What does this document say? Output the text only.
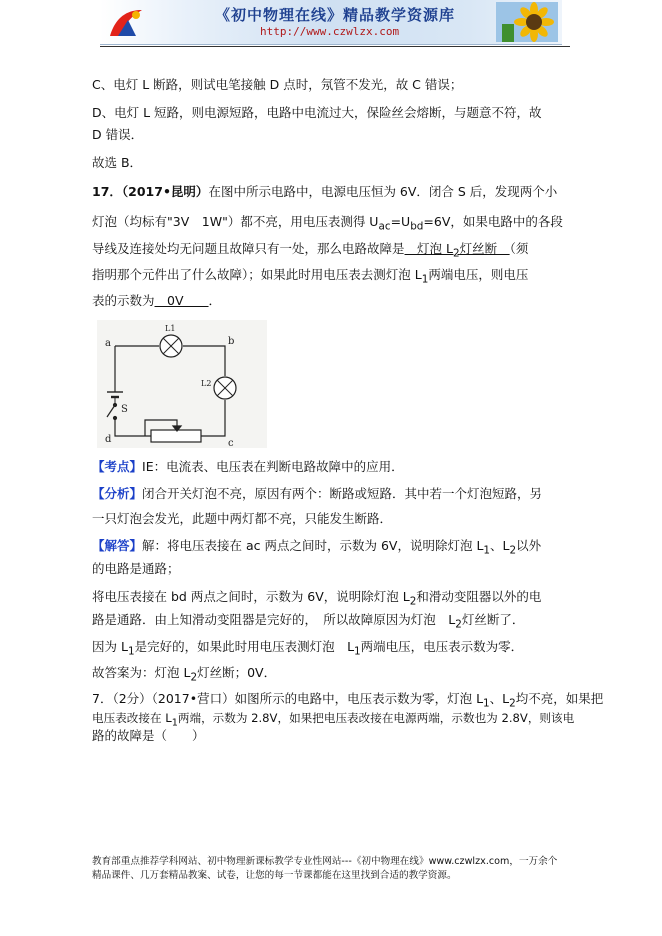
《初中物理在线》精品教学资源库
http://www.czwlzx.com
C、电灯 L 断路，则试电笔接触 D 点时，氖管不发光，故 C 错误；
D、电灯 L 短路，则电源短路，电路中电流过大，保险丝会熔断，与题意不符，故
D 错误．
故选 B．
17．（2017•昆明）在图中所示电路中，电源电压恒为 6V．闭合 S 后，发现两个小
灯泡（均标有"3V　1W"）都不亮，用电压表测得 $U_{ac}=U_{bd}=6V$，如果电路中的各段
导线及连接处均无问题且故障只有一处，那么电路故障是　灯泡 $L_2$灯丝断　（须
指明那个元件出了什么故障）；如果此时用电压表去测灯泡 $L_1$两端电压，则电压
表的示数为　0V　　．
a	b
c
d
S
L1
L2
【考点】IE：电流表、电压表在判断电路故障中的应用．
【分析】闭合开关灯泡不亮，原因有两个：断路或短路．其中若一个灯泡短路，另
一只灯泡会发光，此题中两灯都不亮，只能发生断路．
【解答】解：将电压表接在 ac 两点之间时，示数为 6V，说明除灯泡 $L_1$、$L_2$以外
的电路是通路；
将电压表接在 bd 两点之间时，示数为 6V，说明除灯泡 $L_2$和滑动变阻器以外的电
路是通路．由上知滑动变阻器是完好的，　所以故障原因为灯泡　$L_2$灯丝断了．
因为 $L_1$是完好的，如果此时用电压表测灯泡　$L_1$两端电压，电压表示数为零．
故答案为：灯泡 $L_2$灯丝断；0V．
7．（2分）（2017•营口）如图所示的电路中，电压表示数为零，灯泡 $L_1$、$L_2$均不亮，如果把
电压表改接在 $L_1$两端，示数为 2.8V，如果把电压表改接在电源两端，示数也为 2.8V，则该电
路的故障是（　　）
教育部重点推荐学科网站、初中物理新课标教学专业性网站---《初中物理在线》www.czwlzx.com，一万余个
精品课件、几万套精品教案、试卷，让您的每一节课都能在这里找到合适的教学资源。
